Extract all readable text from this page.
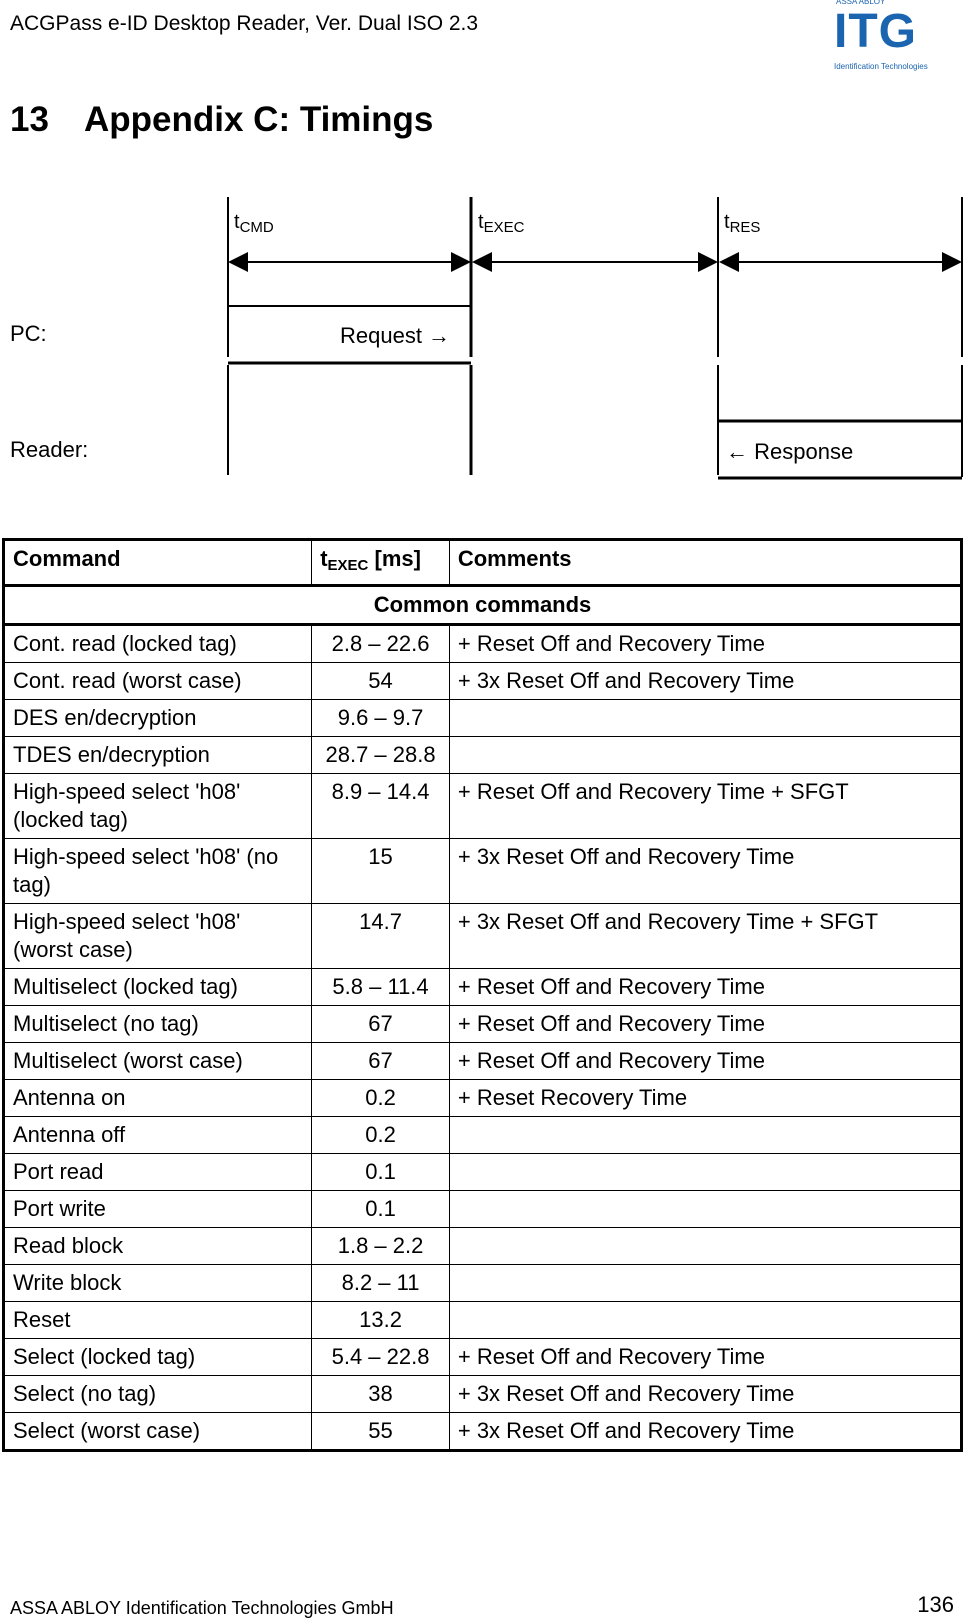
ACGPass e-ID Desktop Reader, Ver. Dual ISO 2.3
ASSA ABLOY
ITG
Identification Technologies
13 Appendix C: Timings
$t_{CMD}$	$t_{EXEC}$	$t_{RES}$
PC:
Reader:
Request →
← Response
Command	$t_{EXEC}$ [ms]	Comments
Common commands		
Cont. read (locked tag)	2.8 – 22.6	+ Reset Off and Recovery Time
Cont. read (worst case)	54	+ 3x Reset Off and Recovery Time
DES en/decryption	9.6 – 9.7	
TDES en/decryption	28.7 – 28.8	
High-speed select 'h08' (locked tag)	8.9 – 14.4	+ Reset Off and Recovery Time + SFGT
High-speed select 'h08' (no tag)	15	+ 3x Reset Off and Recovery Time
High-speed select 'h08' (worst case)	14.7	+ 3x Reset Off and Recovery Time + SFGT
Multiselect (locked tag)	5.8 – 11.4	+ Reset Off and Recovery Time
Multiselect (no tag)	67	+ Reset Off and Recovery Time
Multiselect (worst case)	67	+ Reset Off and Recovery Time
Antenna on	0.2	+ Reset Recovery Time
Antenna off	0.2	
Port read	0.1	
Port write	0.1	
Read block	1.8 – 2.2	
Write block	8.2 – 11	
Reset	13.2	
Select (locked tag)	5.4 – 22.8	+ Reset Off and Recovery Time
Select (no tag)	38	+ 3x Reset Off and Recovery Time
Select (worst case)	55	+ 3x Reset Off and Recovery Time
ASSA ABLOY Identification Technologies GmbH	136
